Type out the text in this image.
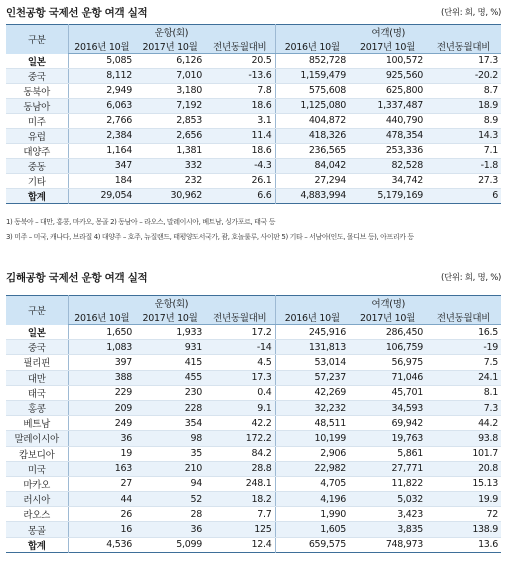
인천공항 국제선 운항 여객 실적	(단위: 회, 명, %)
구분	운항(회)			여객(명)		
	2016년 10월	2017년 10월	전년동월대비	2016년 10월	2017년 10월	전년동월대비
일본	5,085	6,126	20.5	852,728	100,572	17.3
중국	8,112	7,010	-13.6	1,159,479	925,560	-20.2
동북아	2,949	3,180	7.8	575,608	625,800	8.7
동남아	6,063	7,192	18.6	1,125,080	1,337,487	18.9
미주	2,766	2,853	3.1	404,872	440,790	8.9
유럽	2,384	2,656	11.4	418,326	478,354	14.3
대양주	1,164	1,381	18.6	236,565	253,336	7.1
중동	347	332	-4.3	84,042	82,528	-1.8
기타	184	232	26.1	27,294	34,742	27.3
합계	29,054	30,962	6.6	4,883,994	5,179,169	6
1) 동북아 – 대만, 홍콩, 마카오, 몽골 2) 동남아 – 라오스, 말레이시아, 베트남, 싱가포르, 태국 등
3) 미주 – 미국, 캐나다, 브라질 4) 대양주 – 호주, 뉴질랜드, 태평양도서국가, 괌, 호놀룰루, 사이판 5) 기타 – 서남아(인도, 몰디브 등), 아프리카 등
김해공항 국제선 운항 여객 실적	(단위: 회, 명, %)
구분	운항(회)			여객(명)		
	2016년 10월	2017년 10월	전년동월대비	2016년 10월	2017년 10월	전년동월대비
일본	1,650	1,933	17.2	245,916	286,450	16.5
중국	1,083	931	-14	131,813	106,759	-19
필리핀	397	415	4.5	53,014	56,975	7.5
대만	388	455	17.3	57,237	71,046	24.1
태국	229	230	0.4	42,269	45,701	8.1
홍콩	209	228	9.1	32,232	34,593	7.3
베트남	249	354	42.2	48,511	69,942	44.2
말레이시아	36	98	172.2	10,199	19,763	93.8
캄보디아	19	35	84.2	2,906	5,861	101.7
미국	163	210	28.8	22,982	27,771	20.8
마카오	27	94	248.1	4,705	11,822	15.13
러시아	44	52	18.2	4,196	5,032	19.9
라오스	26	28	7.7	1,990	3,423	72
몽골	16	36	125	1,605	3,835	138.9
합계	4,536	5,099	12.4	659,575	748,973	13.6
